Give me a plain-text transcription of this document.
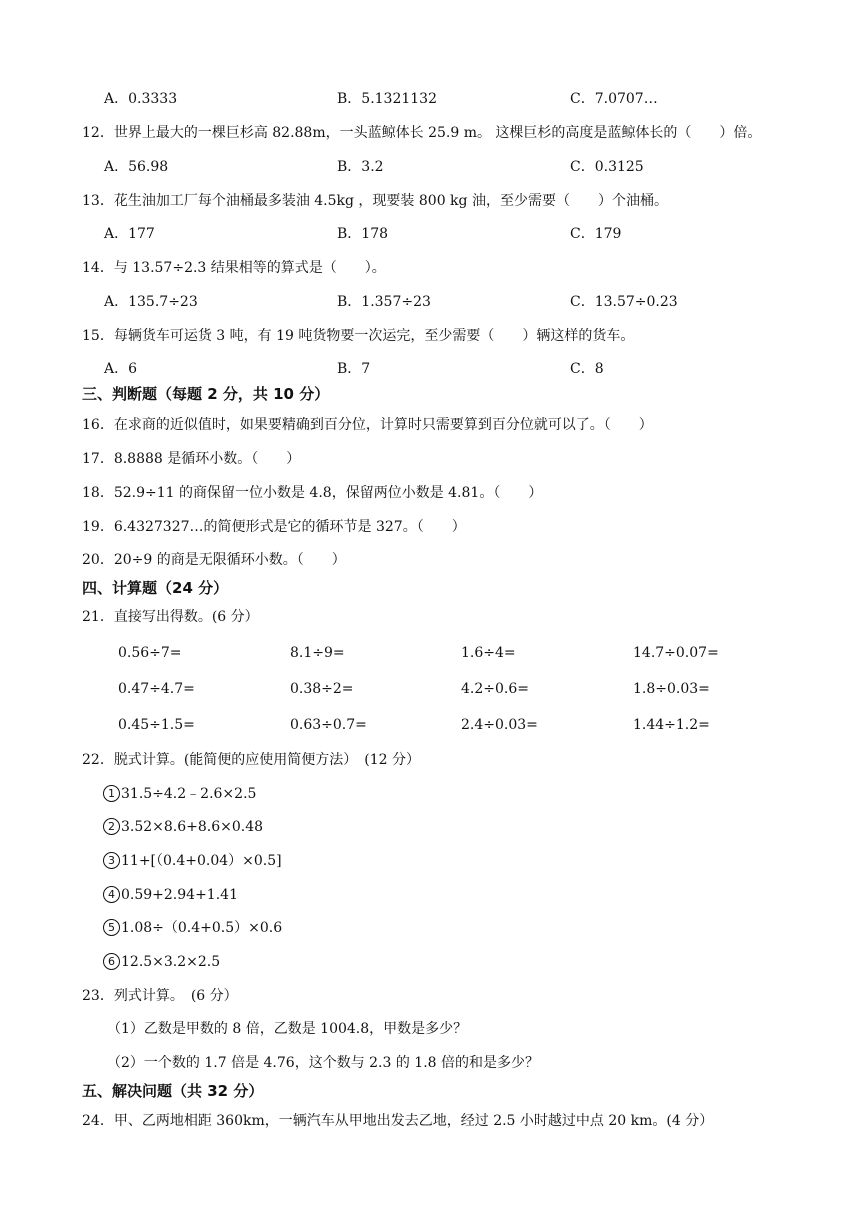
A．0.3333	B．5.1321132	C．7.0707…
12．世界上最大的一棵巨杉高 82.88m，一头蓝鲸体长 25.9 m。 这棵巨杉的高度是蓝鲸体长的（　　）倍。
A．56.98	B．3.2	C．0.3125
13．花生油加工厂每个油桶最多装油 4.5kg ，现要装 800 kg 油，至少需要（　　）个油桶。
A．177	B．178	C．179
14．与 13.57÷2.3 结果相等的算式是（　　）。
A．135.7÷23	B．1.357÷23	C．13.57÷0.23
15．每辆货车可运货 3 吨，有 19 吨货物要一次运完，至少需要（　　）辆这样的货车。
A．6	B．7	C．8
三、判断题（每题 2 分，共 10 分）
16．在求商的近似值时，如果要精确到百分位，计算时只需要算到百分位就可以了。（　　）
17．8.8888 是循环小数。（　　）
18．52.9÷11 的商保留一位小数是 4.8，保留两位小数是 4.81。（　　）
19．6.4327327…的简便形式是它的循环节是 327。（　　）
20．20÷9 的商是无限循环小数。（　　）
四、计算题（24 分）
21．直接写出得数。(6 分）
0.56÷7=	8.1÷9=	1.6÷4=	14.7÷0.07=
0.47÷4.7=	0.38÷2=	4.2÷0.6=	1.8÷0.03=
0.45÷1.5=	0.63÷0.7=	2.4÷0.03=	1.44÷1.2=
22．脱式计算。(能简便的应使用简便方法）　(12 分）
1 31.5÷4.2﹣2.6×2.5
2 3.52×8.6+8.6×0.48
3 11+[（0.4+0.04）×0.5]
4 0.59+2.94+1.41
5 1.08÷（0.4+0.5）×0.6
6 12.5×3.2×2.5
23．列式计算。　(6 分）
（1）乙数是甲数的 8 倍，乙数是 1004.8，甲数是多少？
（2）一个数的 1.7 倍是 4.76，这个数与 2.3 的 1.8 倍的和是多少？
五、解决问题（共 32 分）
24．甲、乙两地相距 360km，一辆汽车从甲地出发去乙地，经过 2.5 小时越过中点 20 km。(4 分）
